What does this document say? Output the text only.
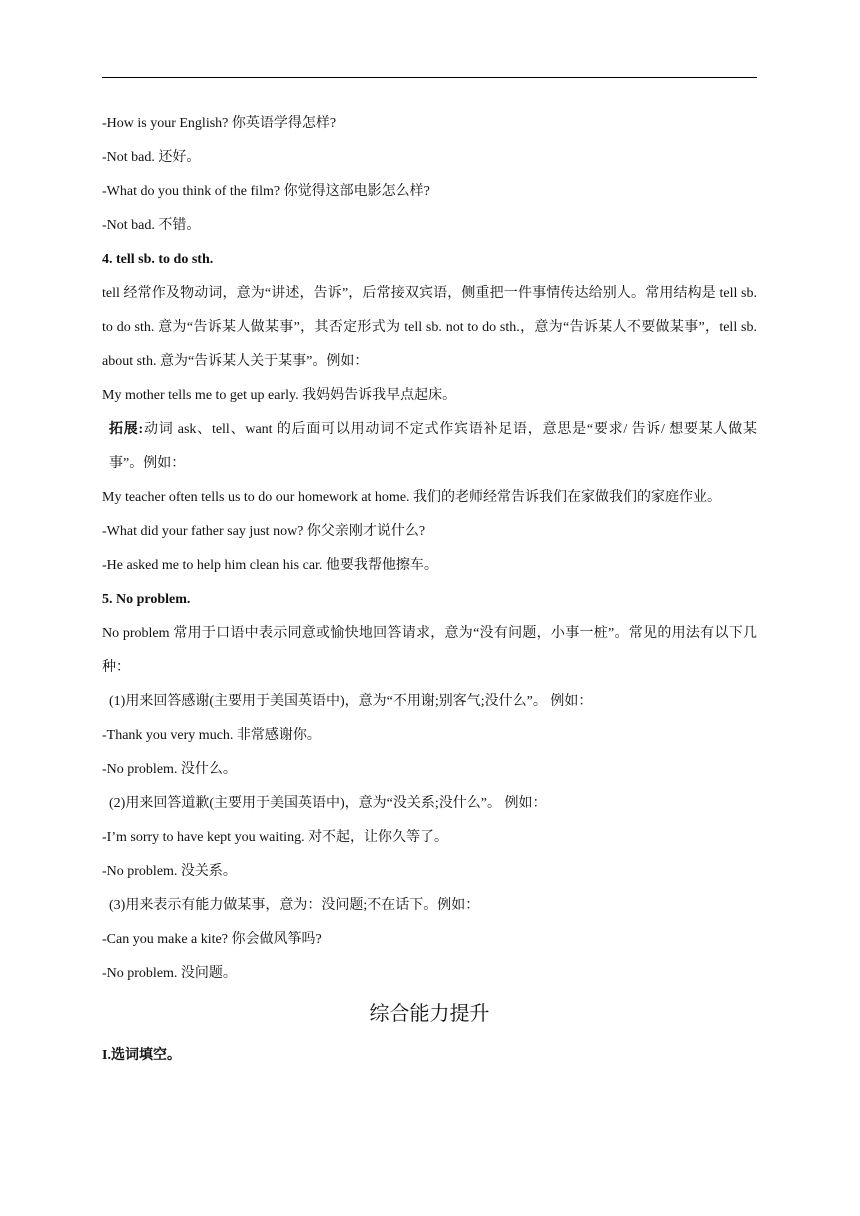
-How is your English? 你英语学得怎样?

-Not bad. 还好。

-What do you think of the film? 你觉得这部电影怎么样?

-Not bad. 不错。

4. tell sb. to do sth.

tell 经常作及物动词，意为“讲述，告诉”，后常接双宾语，侧重把一件事情传达给别人。常用结构是 tell sb. to do sth. 意为“告诉某人做某事”，其否定形式为 tell sb. not to do sth.，意为“告诉某人不要做某事”，tell sb. about sth. 意为“告诉某人关于某事”。例如：

My mother tells me to get up early. 我妈妈告诉我早点起床。

拓展:动词 ask、tell、want 的后面可以用动词不定式作宾语补足语，意思是“要求/ 告诉/ 想要某人做某事”。例如：

My teacher often tells us to do our homework at home. 我们的老师经常告诉我们在家做我们的家庭作业。

-What did your father say just now? 你父亲刚才说什么?

-He asked me to help him clean his car. 他要我帮他擦车。

5. No problem.

No problem 常用于口语中表示同意或愉快地回答请求，意为“没有问题，小事一桩”。常见的用法有以下几种：

(1)用来回答感谢(主要用于美国英语中)，意为“不用谢;别客气;没什么”。 例如：

-Thank you very much. 非常感谢你。

-No problem. 没什么。

(2)用来回答道歉(主要用于美国英语中)，意为“没关系;没什么”。 例如：

-I’m sorry to have kept you waiting. 对不起，让你久等了。

-No problem. 没关系。

(3)用来表示有能力做某事，意为：没问题;不在话下。例如：

-Can you make a kite? 你会做风筝吗?

-No problem. 没问题。

综合能力提升

I.选词填空。
